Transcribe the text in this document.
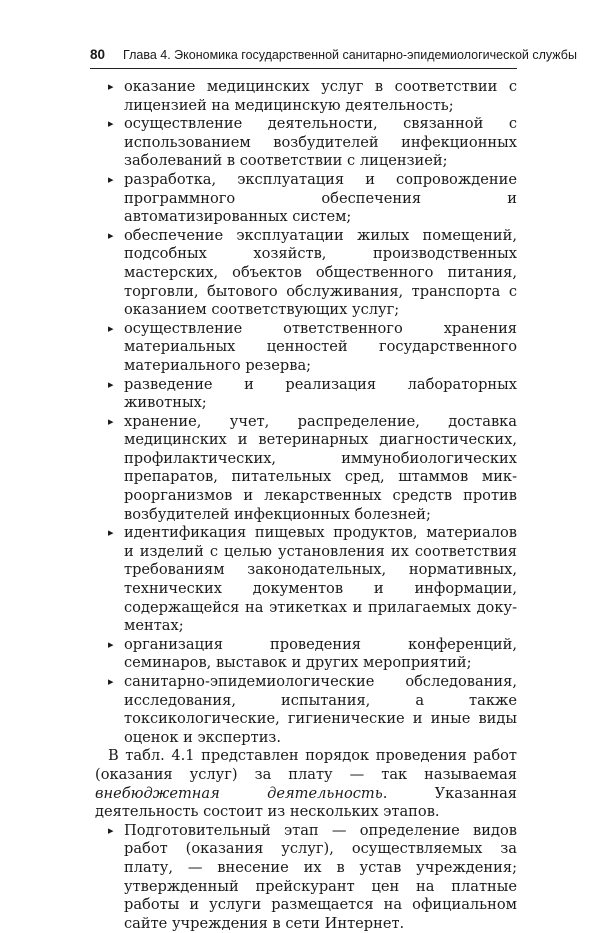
80 Глава 4. Экономика государственной санитарно-эпидемиологической службы
▸ оказание медицинских услуг в соответствии с лицензией на медицинскую деятельность;
▸ осуществление деятельности, связанной с использованием возбудителей инфекционных заболеваний в соответствии с лицензией;
▸ разработка, эксплуатация и сопровождение программного обеспечения и автоматизированных систем;
▸ обеспечение эксплуатации жилых помещений, подсобных хозяйств, производственных мастерских, объектов общественного питания, торговли, бытового обслуживания, транспорта с оказанием соответствующих услуг;
▸ осуществление ответственного хранения материальных ценностей государственного материального резерва;
▸ разведение и реализация лабораторных животных;
▸ хранение, учет, распределение, доставка медицинских и ветеринарных диагностических, профилактических, иммунобиологических препаратов, питательных сред, штаммов микроорганизмов и лекарственных средств против возбудителей инфекционных болезней;
▸ идентификация пищевых продуктов, материалов и изделий с целью установления их соответствия требованиям законодательных, нормативных, технических документов и информации, содержащейся на этикетках и прилагаемых документах;
▸ организация проведения конференций, семинаров, выставок и других мероприятий;
▸ санитарно-эпидемиологические обследования, исследования, испытания, а также токсикологические, гигиенические и иные виды оценок и экспертиз.

В табл. 4.1 представлен порядок проведения работ (оказания услуг) за плату — так называемая внебюджетная деятельность. Указанная деятельность состоит из нескольких этапов.

▸ Подготовительный этап — определение видов работ (оказания услуг), осуществляемых за плату, — внесение их в устав учреждения; утвержденный прейскурант цен на платные работы и услуги размещается на официальном сайте учреждения в сети Интернет.
